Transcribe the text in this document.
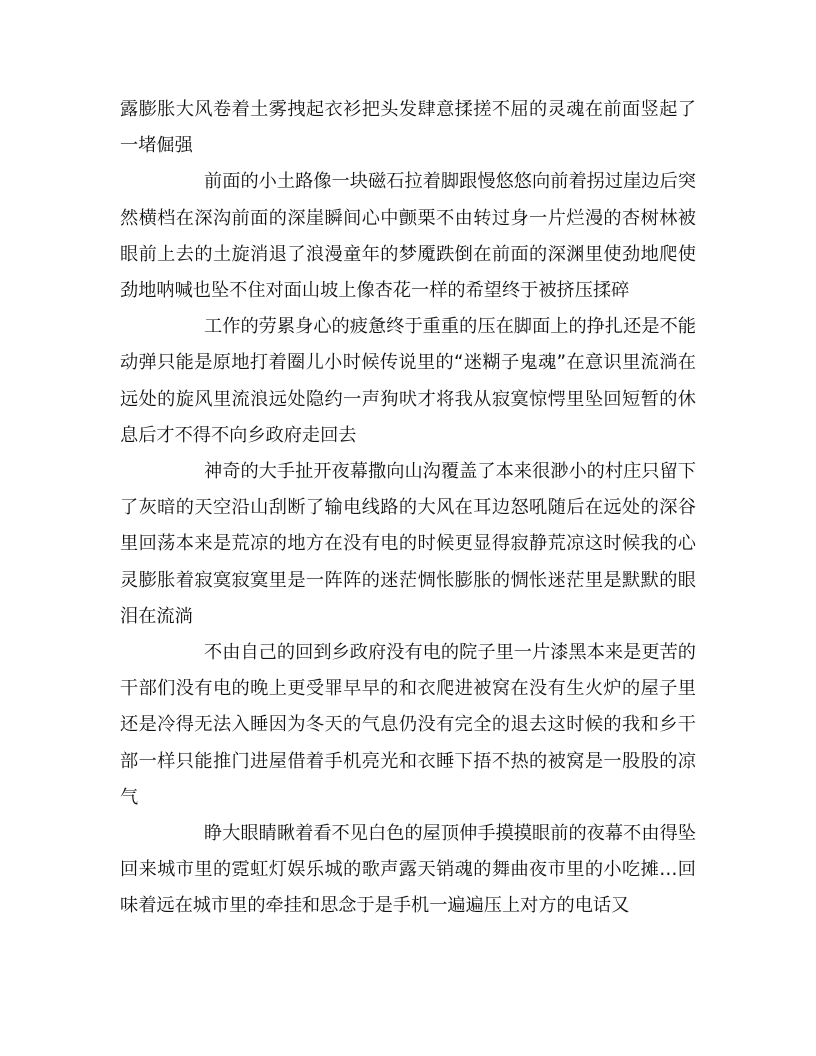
露膨胀大风卷着土雾拽起衣衫把头发肆意揉搓不屈的灵魂在前面竖起了一堵倔强

前面的小土路像一块磁石拉着脚跟慢悠悠向前着拐过崖边后突然横档在深沟前面的深崖瞬间心中颤栗不由转过身一片烂漫的杏树林被眼前上去的土旋消退了浪漫童年的梦魇跌倒在前面的深渊里使劲地爬使劲地呐喊也坠不住对面山坡上像杏花一样的希望终于被挤压揉碎

工作的劳累身心的疲惫终于重重的压在脚面上的挣扎还是不能动弹只能是原地打着圈儿小时候传说里的“迷糊子鬼魂”在意识里流淌在远处的旋风里流浪远处隐约一声狗吠才将我从寂寞惊愕里坠回短暂的休息后才不得不向乡政府走回去

神奇的大手扯开夜幕撒向山沟覆盖了本来很渺小的村庄只留下了灰暗的天空沿山刮断了输电线路的大风在耳边怒吼随后在远处的深谷里回荡本来是荒凉的地方在没有电的时候更显得寂静荒凉这时候我的心灵膨胀着寂寞寂寞里是一阵阵的迷茫惆怅膨胀的惆怅迷茫里是默默的眼泪在流淌

不由自己的回到乡政府没有电的院子里一片漆黑本来是更苦的干部们没有电的晚上更受罪早早的和衣爬进被窝在没有生火炉的屋子里还是冷得无法入睡因为冬天的气息仍没有完全的退去这时候的我和乡干部一样只能推门进屋借着手机亮光和衣睡下捂不热的被窝是一股股的凉气

睁大眼睛瞅着看不见白色的屋顶伸手摸摸眼前的夜幕不由得坠回来城市里的霓虹灯娱乐城的歌声露天销魂的舞曲夜市里的小吃摊…回味着远在城市里的牵挂和思念于是手机一遍遍压上对方的电话又
